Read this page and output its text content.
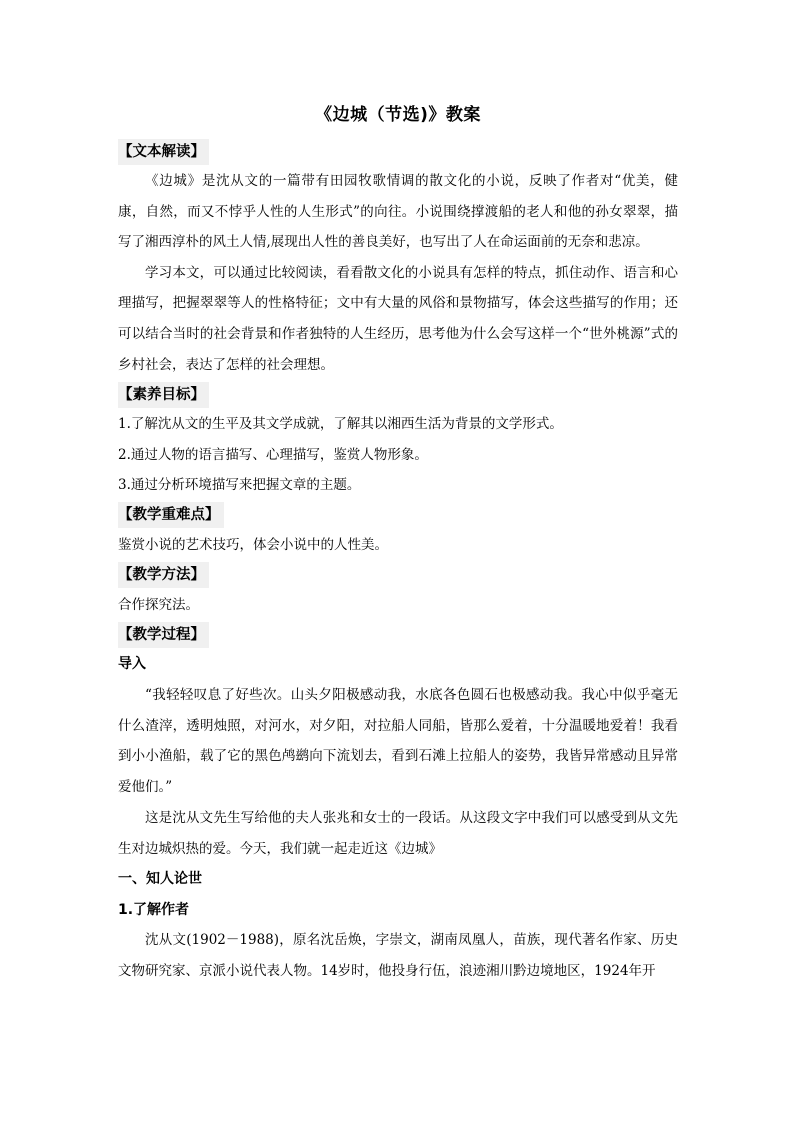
《边城（节选)》教案
【文本解读】

《边城》是沈从文的一篇带有田园牧歌情调的散文化的小说，反映了作者对“优美，健康，自然，而又不悖乎人性的人生形式”的向往。小说围绕撑渡船的老人和他的孙女翠翠，描写了湘西淳朴的风土人情,展现出人性的善良美好，也写出了人在命运面前的无奈和悲凉。

学习本文，可以通过比较阅读，看看散文化的小说具有怎样的特点，抓住动作、语言和心理描写，把握翠翠等人的性格特征；文中有大量的风俗和景物描写，体会这些描写的作用；还可以结合当时的社会背景和作者独特的人生经历，思考他为什么会写这样一个“世外桃源”式的乡村社会，表达了怎样的社会理想。

【素养目标】

1.了解沈从文的生平及其文学成就，了解其以湘西生活为背景的文学形式。

2.通过人物的语言描写、心理描写，鉴赏人物形象。

3.通过分析环境描写来把握文章的主题。

【教学重难点】

鉴赏小说的艺术技巧，体会小说中的人性美。

【教学方法】

合作探究法。

【教学过程】

导入

“我轻轻叹息了好些次。山头夕阳极感动我，水底各色圆石也极感动我。我心中似乎毫无什么渣滓，透明烛照，对河水，对夕阳，对拉船人同船，皆那么爱着，十分温暖地爱着！我看到小小渔船，载了它的黑色鸬鹚向下流划去，看到石滩上拉船人的姿势，我皆异常感动且异常爱他们。”

这是沈从文先生写给他的夫人张兆和女士的一段话。从这段文字中我们可以感受到从文先生对边城炽热的爱。今天，我们就一起走近这《边城》

一、知人论世

1.了解作者

沈从文(1902－1988)，原名沈岳焕，字崇文，湖南凤凰人，苗族，现代著名作家、历史文物研究家、京派小说代表人物。14岁时，他投身行伍，浪迹湘川黔边境地区，1924年开
